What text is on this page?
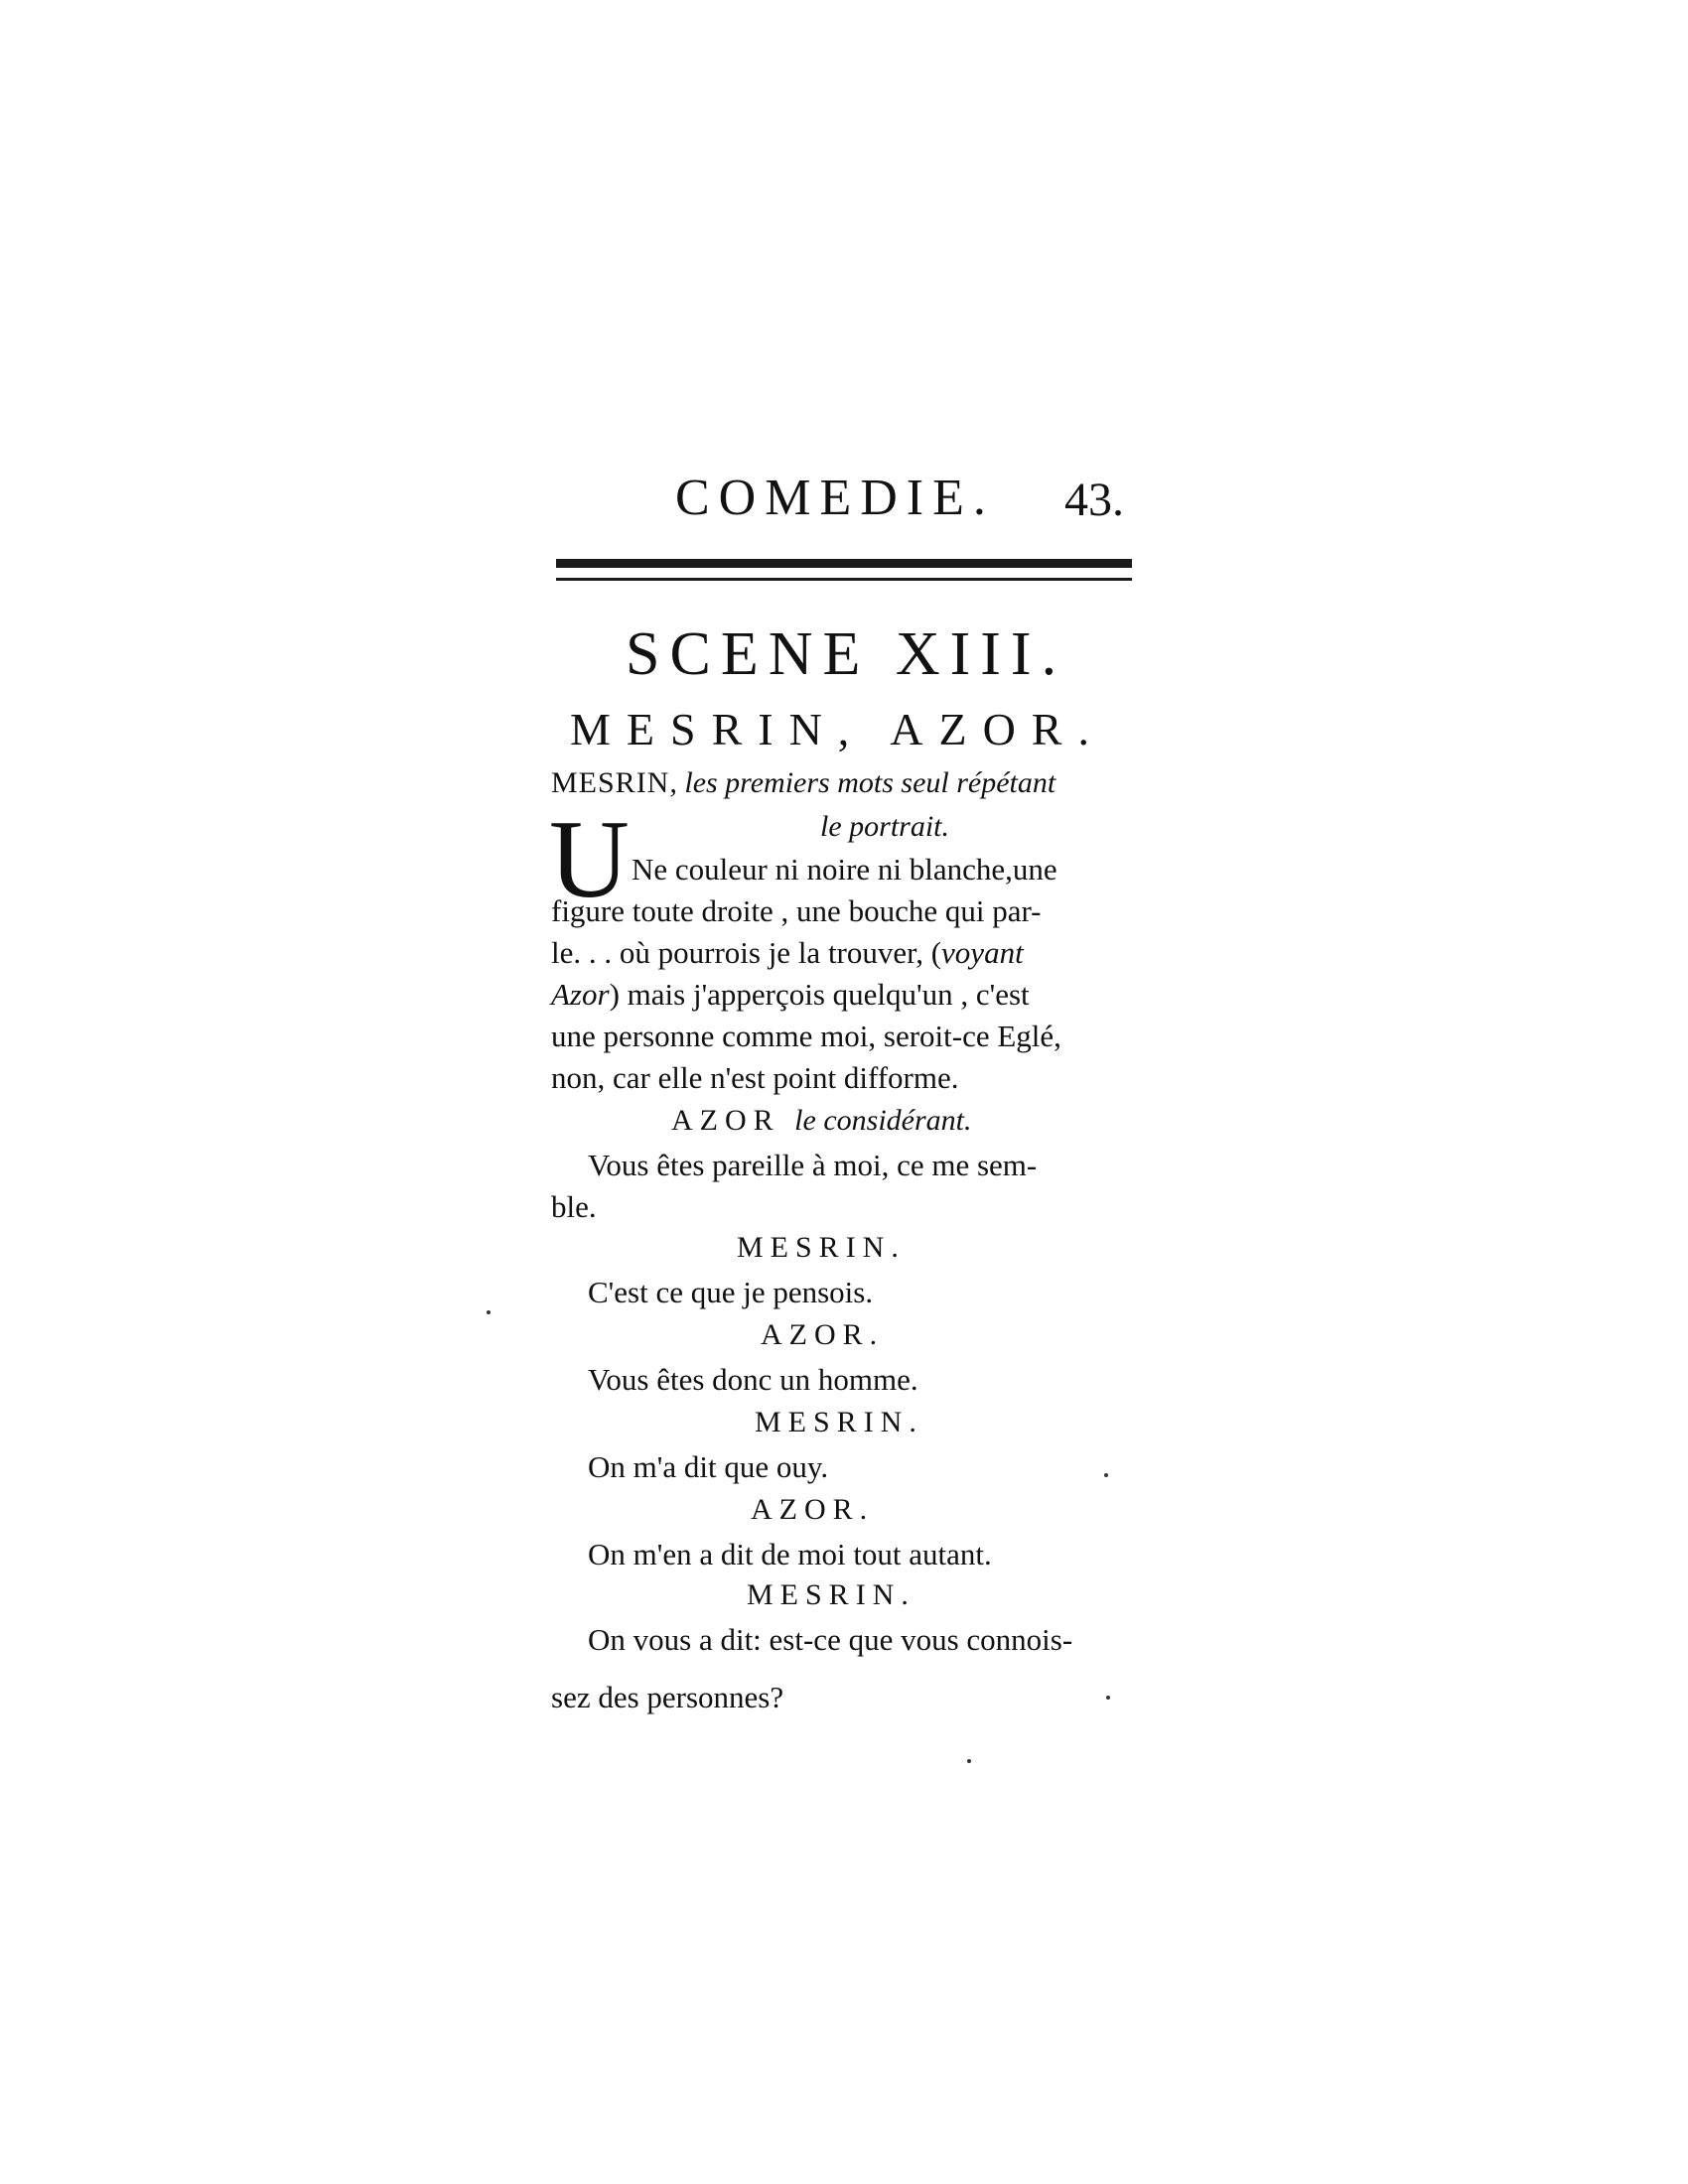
COMEDIE. 43.
SCENE XIII.
MESRIN, AZOR.
MESRIN, les premiers mots seul répétant
le portrait.
U Ne couleur ni noire ni blanche,une
figure toute droite , une bouche qui par-
le. . . où pourrois je la trouver, (voyant
Azor) mais j'apperçois quelqu'un , c'est
une personne comme moi, seroit-ce Eglé,
non, car elle n'est point difforme.
AZOR le considérant.
Vous êtes pareille à moi, ce me sem-
ble.
MESRIN.
C'est ce que je pensois.
AZOR.
Vous êtes donc un homme.
MESRIN.
On m'a dit que ouy.
AZOR.
On m'en a dit de moi tout autant.
MESRIN.
On vous a dit: est-ce que vous connois-
sez des personnes?
